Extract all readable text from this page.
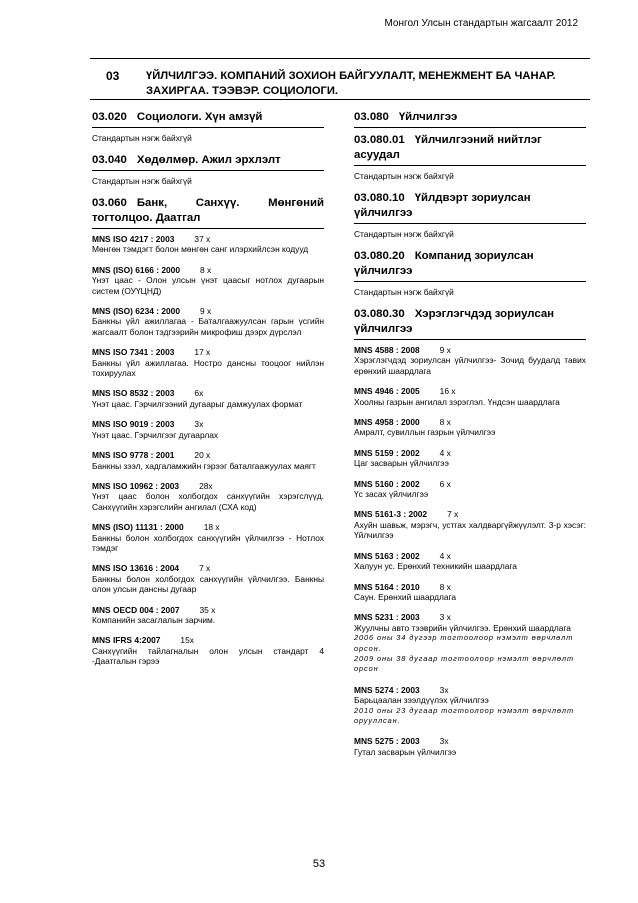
Монгол Улсын стандартын жагсаалт 2012
03 ҮЙЛЧИЛГЭЭ. КОМПАНИЙ ЗОХИОН БАЙГУУЛАЛТ, МЕНЕЖМЕНТ БА ЧАНАР. ЗАХИРГАА. ТЭЭВЭР. СОЦИОЛОГИ.
03.020 Социологи. Хүн амзүй
Стандартын нэгж байхгүй
03.040 Хөдөлмөр. Ажил эрхлэлт
Стандартын нэгж байхгүй
03.060 Банк, Санхүү. Мөнгөний тогтолцоо. Даатгал
MNS ISO 4217 : 2003 37 х
Мөнгөн тэмдэгт болон мөнгөн санг илэрхийлсэн кодууд
MNS (ISO) 6166 : 2000 8 х
Үнэт цаас - Олон улсын үнэт цаасыг нотлох дугаарын систем (ОУҮЦНД)
MNS (ISO) 6234 : 2000 9 х
Банкны үйл ажиллагаа - Баталгаажуулсан гарын үсгийн жагсаалт болон тэдгээрийн микрофиш дээрх дүрслэл
MNS ISO 7341 : 2003 17 х
Банкны үйл ажиллагаа. Ностро дансны тооцоог нийлэн тохируулах
MNS ISO 8532 : 2003 6х
Үнэт цаас. Гэрчилгээний дугаарыг дамжуулах формат
MNS ISO 9019 : 2003 3х
Үнэт цаас. Гэрчилгээг дугаарлах
MNS ISO 9778 : 2001 20 х
Банкны зээл, хадгаламжийн гэрээг баталгаажуулах маягт
MNS ISO 10962 : 2003 28х
Үнэт цаас болон холбогдох санхүүгийн хэрэгслүүд. Санхүүгийн хэрэгслийн ангилал (СХА код)
MNS (ISO) 11131 : 2000 18 х
Банкны болон холбогдох санхүүгийн үйлчилгээ - Нотлох тэмдэг
MNS ISO 13616 : 2004 7 х
Банкны болон холбогдох санхүүгийн үйлчилгээ. Банкны олон улсын дансны дугаар
MNS OECD 004 : 2007 35 х
Компанийн засаглалын зарчим.
MNS IFRS 4:2007 15х
Санхүүгийн тайлагналын олон улсын стандарт 4 -Даатгалын гэрээ
03.080 Үйлчилгээ
03.080.01 Үйлчилгээний нийтлэг асуудал
Стандартын нэгж байхгүй
03.080.10 Үйлдвэрт зориулсан үйлчилгээ
Стандартын нэгж байхгүй
03.080.20 Компанид зориулсан үйлчилгээ
Стандартын нэгж байхгүй
03.080.30 Хэрэглэгчдэд зориулсан үйлчилгээ
MNS 4588 : 2008 9 х
Хэрэглэгчдэд зориулсан үйлчилгээ- Зочид буудалд тавих ерөнхий шаардлага
MNS 4946 : 2005 16 х
Хоолны газрын ангилал зэрэглэл. Үндсэн шаардлага
MNS 4958 : 2000 8 х
Амралт, сувиллын газрын үйлчилгээ
MNS 5159 : 2002 4 х
Цаг засварын үйлчилгээ
MNS 5160 : 2002 6 х
Үс засах үйлчилгээ
MNS 5161-3 : 2002 7 х
Ахуйн шавьж, мэрэгч, устгах халдваргүйжүүлэлт. 3-р хэсэг: Үйлчилгээ
MNS 5163 : 2002 4 х
Халуун ус. Ерөнхий техникийн шаардлага
MNS 5164 : 2010 8 х
Саун. Ерөнхий шаардлага
MNS 5231 : 2003 3 х
Жуулчны авто тээврийн үйлчилгээ. Ерөнхий шаардлага
2006 оны 34 дүгээр тогтоолоор нэмэлт өөрчлөлт орсон.
2009 оны 38 дугаар тогтоолоор нэмэлт өөрчлөлт орсон
MNS 5274 : 2003 3х
Барьцаалан зээлдүүлэх үйлчилгээ
2010 оны 23 дугаар тогтоолоор нэмэлт өөрчлөлт орууллсан.
MNS 5275 : 2003 3х
Гутал засварын үйлчилгээ
53
